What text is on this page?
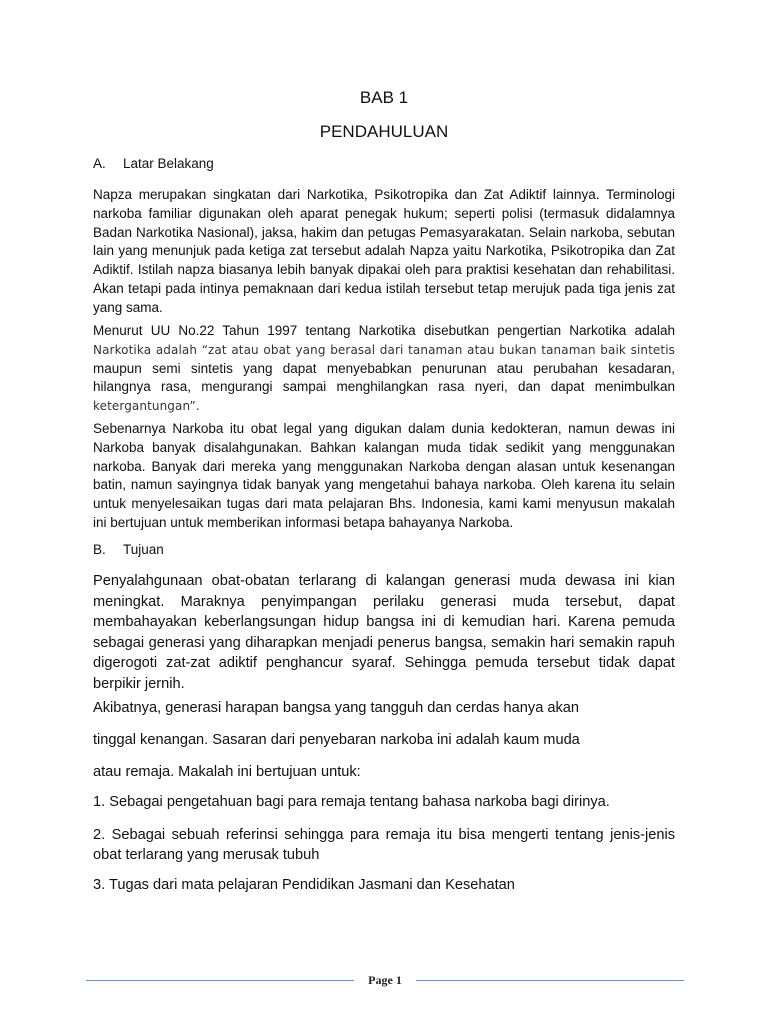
BAB 1
PENDAHULUAN

A. Latar Belakang

Napza merupakan singkatan dari Narkotika, Psikotropika dan Zat Adiktif lainnya. Terminologi narkoba familiar digunakan oleh aparat penegak hukum; seperti polisi (termasuk didalamnya Badan Narkotika Nasional), jaksa, hakim dan petugas Pemasyarakatan. Selain narkoba, sebutan lain yang menunjuk pada ketiga zat tersebut adalah Napza yaitu Narkotika, Psikotropika dan Zat Adiktif. Istilah napza biasanya lebih banyak dipakai oleh para praktisi kesehatan dan rehabilitasi. Akan tetapi pada intinya pemaknaan dari kedua istilah tersebut tetap merujuk pada tiga jenis zat yang sama.

Menurut UU No.22 Tahun 1997 tentang Narkotika disebutkan pengertian Narkotika adalah
Narkotika adalah “zat atau obat yang berasal dari tanaman atau bukan tanaman baik sintetis
maupun semi sintetis yang dapat menyebabkan penurunan atau perubahan kesadaran,
hilangnya rasa, mengurangi sampai menghilangkan rasa nyeri, dan dapat menimbulkan
ketergantungan”.

Sebenarnya Narkoba itu obat legal yang digukan dalam dunia kedokteran, namun dewas ini Narkoba banyak disalahgunakan. Bahkan kalangan muda tidak sedikit yang menggunakan narkoba. Banyak dari mereka yang menggunakan Narkoba dengan alasan untuk kesenangan batin, namun sayingnya tidak banyak yang mengetahui bahaya narkoba. Oleh karena itu selain untuk menyelesaikan tugas dari mata pelajaran Bhs. Indonesia, kami kami menyusun makalah ini bertujuan untuk memberikan informasi betapa bahayanya Narkoba.

B. Tujuan

Penyalahgunaan obat-obatan terlarang di kalangan generasi muda dewasa ini kian meningkat. Maraknya penyimpangan perilaku generasi muda tersebut, dapat membahayakan keberlangsungan hidup bangsa ini di kemudian hari. Karena pemuda sebagai generasi yang diharapkan menjadi penerus bangsa, semakin hari semakin rapuh digerogoti zat-zat adiktif penghancur syaraf. Sehingga pemuda tersebut tidak dapat berpikir jernih.

Akibatnya, generasi harapan bangsa yang tangguh dan cerdas hanya akan

tinggal kenangan. Sasaran dari penyebaran narkoba ini adalah kaum muda

atau remaja. Makalah ini bertujuan untuk:

1. Sebagai pengetahuan bagi para remaja tentang bahasa narkoba bagi dirinya.

2. Sebagai sebuah referinsi sehingga para remaja itu bisa mengerti tentang jenis-jenis obat terlarang yang merusak tubuh

3. Tugas dari mata pelajaran Pendidikan Jasmani dan Kesehatan

Page 1
